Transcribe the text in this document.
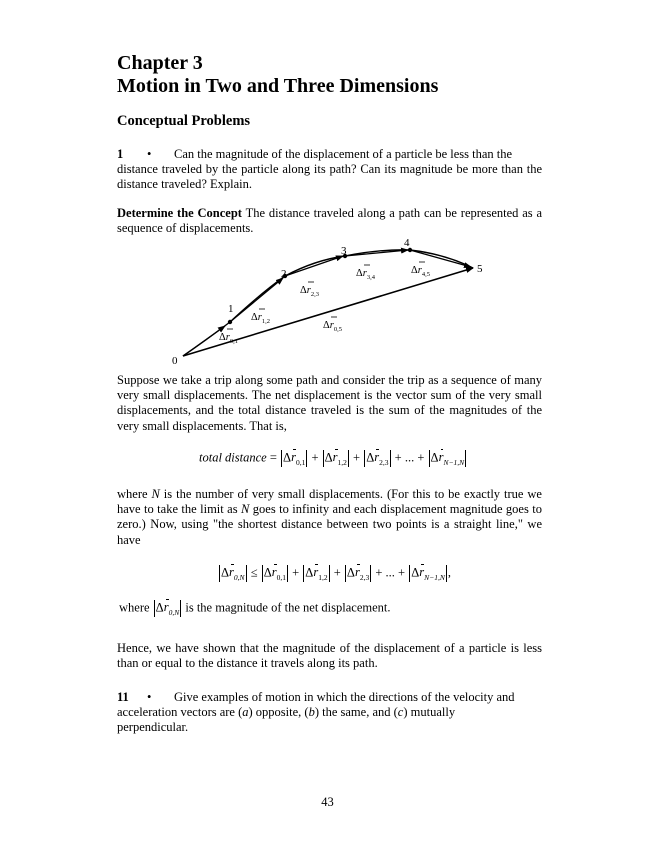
Chapter 3
Motion in Two and Three Dimensions
Conceptual Problems
1 • Can the magnitude of the displacement of a particle be less than the
distance traveled by the particle along its path? Can its magnitude be more than the distance traveled? Explain.
Determine the Concept The distance traveled along a path can be represented as a sequence of displacements.
0
1
2
3
4
5
$\Delta r_{0,1}$
$\Delta r_{1,2}$
$\Delta r_{2,3}$
$\Delta r_{3,4}$
$\Delta r_{4,5}$
$\Delta r_{0,5}$
Suppose we take a trip along some path and consider the trip as a sequence of many very small displacements. The net displacement is the vector sum of the very small displacements, and the total distance traveled is the sum of the magnitudes of the very small displacements. That is,
total distance = $\Delta r_{0,1} + \Delta r_{1,2} + \Delta r_{2,3}$ + ... + $\Delta r_{N-1,N}$
where N is the number of very small displacements. (For this to be exactly true we have to take the limit as N goes to infinity and each displacement magnitude goes to zero.) Now, using "the shortest distance between two points is a straight line," we have
$\Delta r_{0,N} \le \Delta r_{0,1} + \Delta r_{1,2} + \Delta r_{2,3}$ + ... + $\Delta r_{N-1,N}$ ,
where $\Delta r_{0,N}$ is the magnitude of the net displacement.
Hence, we have shown that the magnitude of the displacement of a particle is less than or equal to the distance it travels along its path.
11 • Give examples of motion in which the directions of the velocity and
acceleration vectors are (a) opposite, (b) the same, and (c) mutually perpendicular.
43
